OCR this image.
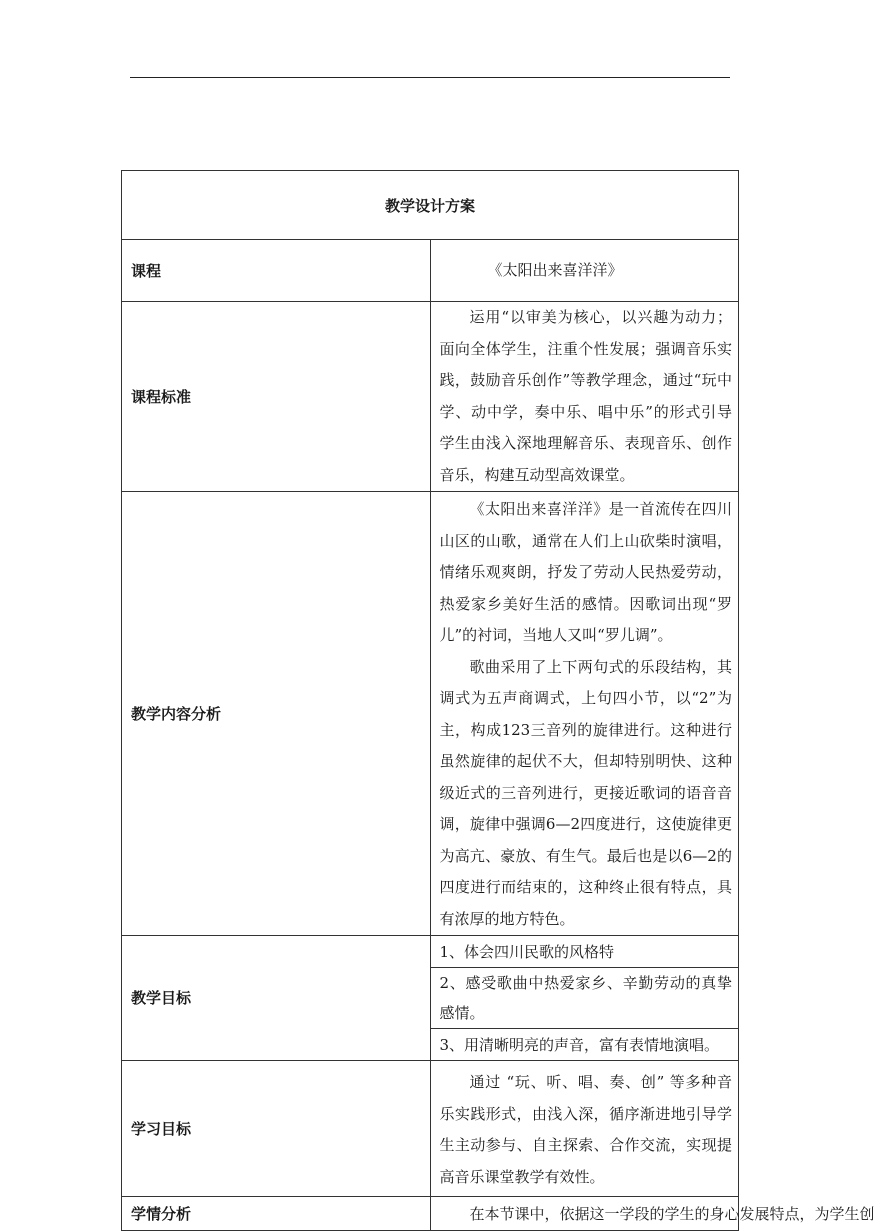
教学设计方案	
课程	《太阳出来喜洋洋》
课程标准	运用“以审美为核心，以兴趣为动力；面向全体学生，注重个性发展；强调音乐实践，鼓励音乐创作”等教学理念，通过“玩中学、动中学，奏中乐、唱中乐”的形式引导学生由浅入深地理解音乐、表现音乐、创作音乐，构建互动型高效课堂。

教学内容分析	《太阳出来喜洋洋》是一首流传在四川山区的山歌，通常在人们上山砍柴时演唱，情绪乐观爽朗，抒发了劳动人民热爱劳动，热爱家乡美好生活的感情。因歌词出现“罗儿”的衬词，当地人又叫“罗儿调”。

歌曲采用了上下两句式的乐段结构，其调式为五声商调式，上句四小节，以“2”为主，构成123三音列的旋律进行。这种进行虽然旋律的起伏不大，但却特别明快、这种级近式的三音列进行，更接近歌词的语音音调，旋律中强调6—2四度进行，这使旋律更为高亢、豪放、有生气。最后也是以6—2的四度进行而结束的，这种终止很有特点，具有浓厚的地方特色。

教学目标	1、体会四川民歌的风格特
	2、感受歌曲中热爱家乡、辛勤劳动的真挚感情。
	3、用清晰明亮的声音，富有表情地演唱。
学习目标	通过 “玩、听、唱、奏、创” 等多种音乐实践形式，由浅入深，循序渐进地引导学生主动参与、自主探索、合作交流，实现提高音乐课堂教学有效性。

学情分析	在本节课中，依据这一学段的学生的身心发展特点，为学生创
